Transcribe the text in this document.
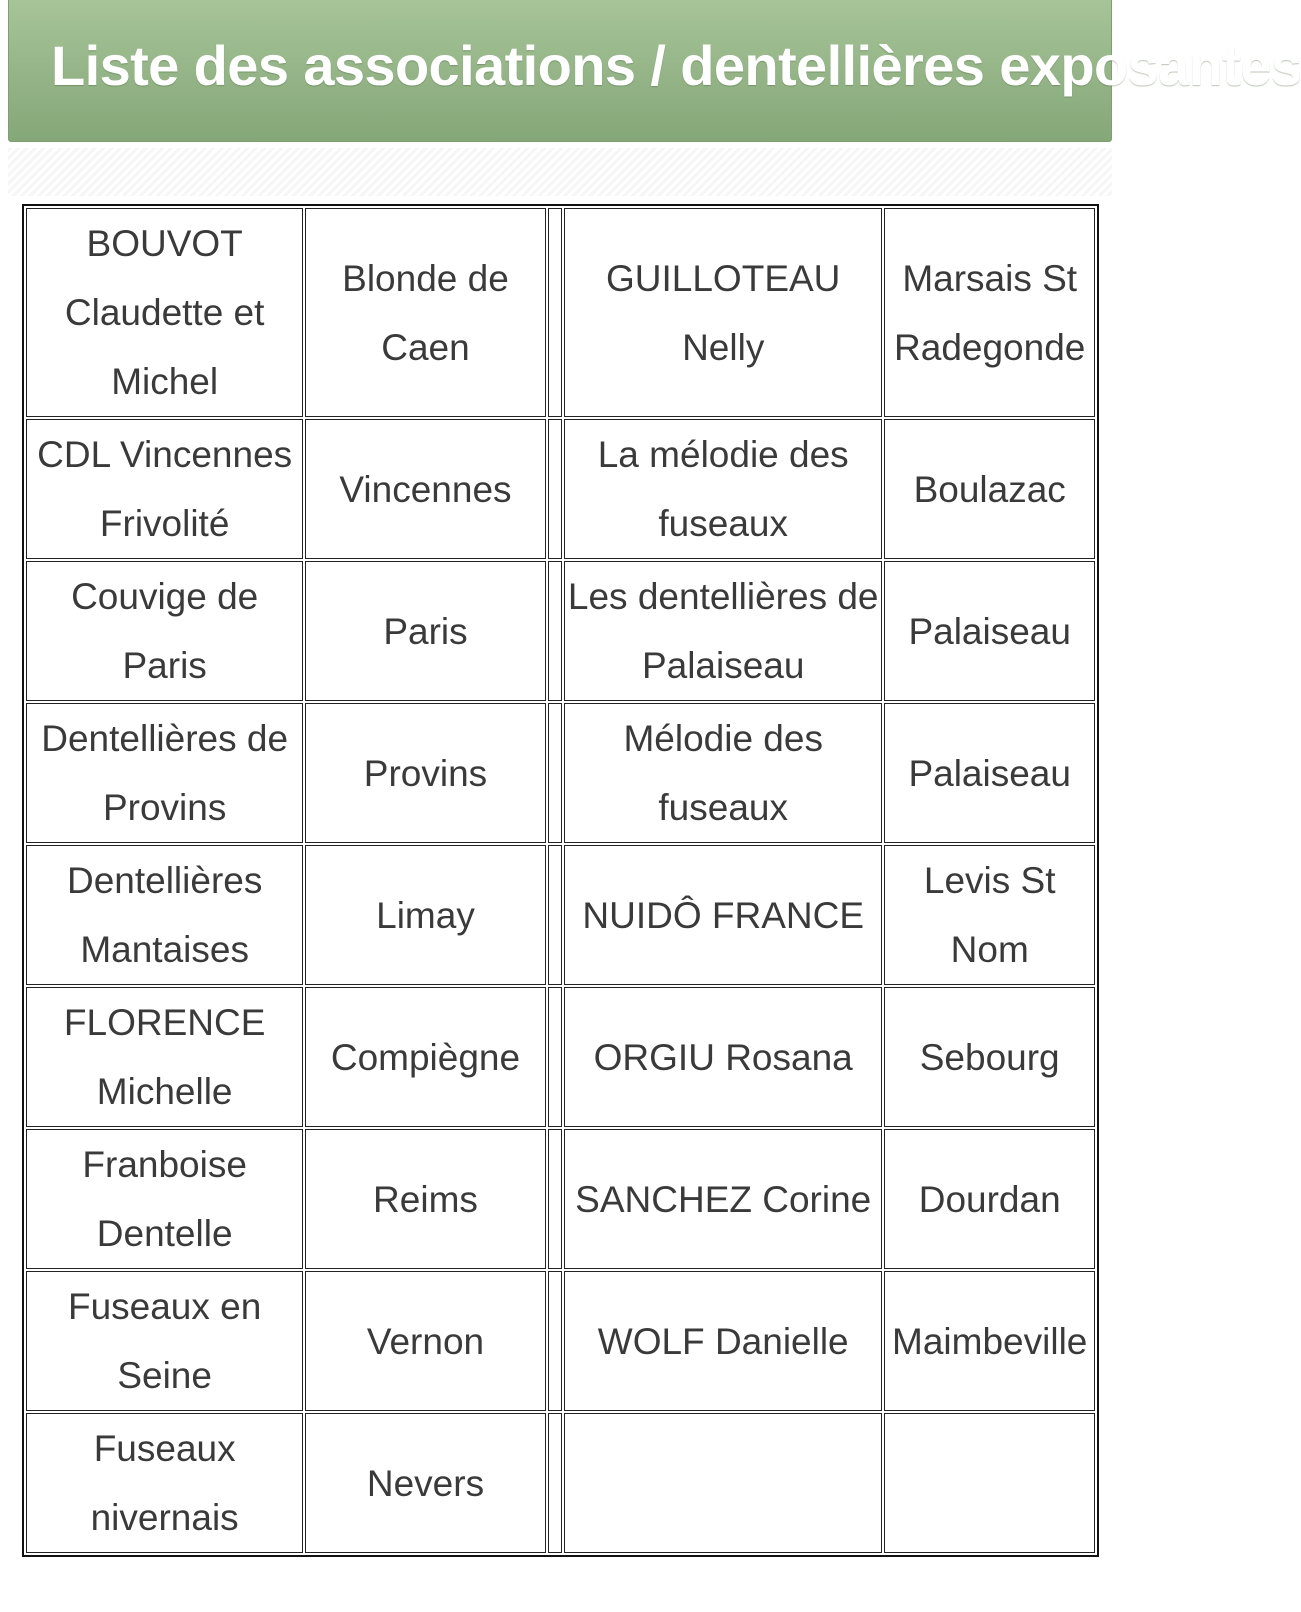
Liste des associations / dentellières exposantes
BOUVOT Claudette et Michel	Blonde de Caen		GUILLOTEAU Nelly	Marsais St Radegonde

CDL Vincennes Frivolité	Vincennes		La mélodie des fuseaux	Boulazac

Couvige de Paris	Paris		Les dentellières de Palaiseau	Palaiseau

Dentellières de Provins	Provins		Mélodie des fuseaux	Palaiseau

Dentellières Mantaises	Limay		NUIDÔ FRANCE	Levis St Nom

FLORENCE Michelle	Compiègne		ORGIU Rosana	Sebourg

Franboise Dentelle	Reims		SANCHEZ Corine	Dourdan

Fuseaux en Seine	Vernon		WOLF Danielle	Maimbeville

Fuseaux nivernais	Nevers			
